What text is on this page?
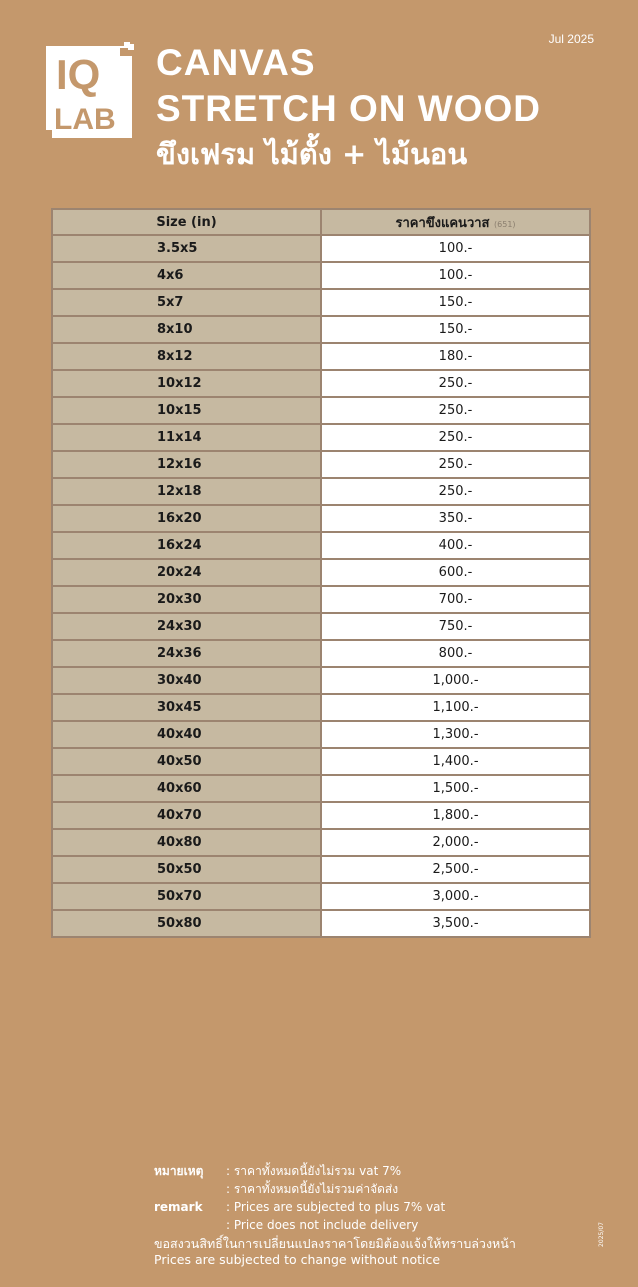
Jul 2025
IQ
LAB
CANVAS
STRETCH ON WOOD
ขึงเฟรม ไม้ตั้ง + ไม้นอน
Size (in)	ราคาขึงแคนวาส (651)
3.5x5	100.-
4x6	100.-
5x7	150.-
8x10	150.-
8x12	180.-
10x12	250.-
10x15	250.-
11x14	250.-
12x16	250.-
12x18	250.-
16x20	350.-
16x24	400.-
20x24	600.-
20x30	700.-
24x30	750.-
24x36	800.-
30x40	1,000.-
30x45	1,100.-
40x40	1,300.-
40x50	1,400.-
40x60	1,500.-
40x70	1,800.-
40x80	2,000.-
50x50	2,500.-
50x70	3,000.-
50x80	3,500.-
หมายเหตุ	: ราคาทั้งหมดนี้ยังไม่รวม vat 7%
: ราคาทั้งหมดนี้ยังไม่รวมค่าจัดส่ง
remark	: Prices are subjected to plus 7% vat
: Price does not include delivery
ขอสงวนสิทธิ์ในการเปลี่ยนแปลงราคาโดยมิต้องแจ้งให้ทราบล่วงหน้า
Prices are subjected to change without notice
2025/07
